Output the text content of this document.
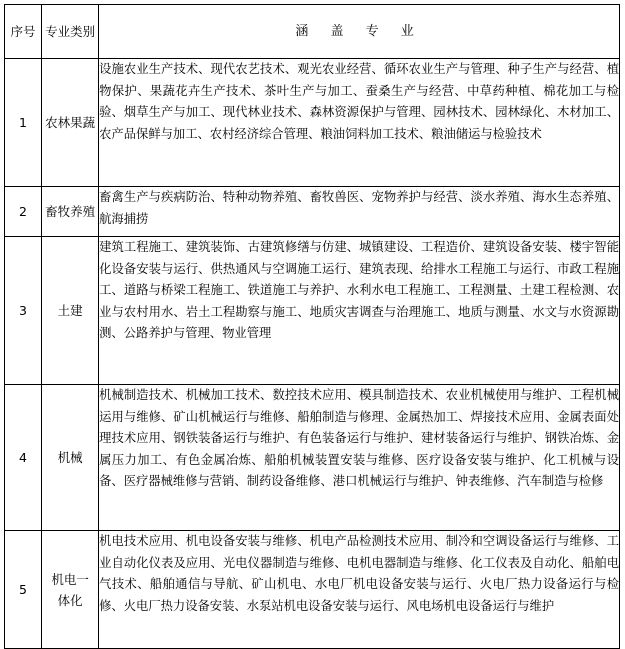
序号	专业类别	涵 盖 专 业
1	农林果蔬	设施农业生产技术、现代农艺技术、观光农业经营、循环农业生产与管理、种子生产与经营、植物保护、果蔬花卉生产技术、茶叶生产与加工、蚕桑生产与经营、中草药种植、棉花加工与检验、烟草生产与加工、现代林业技术、森林资源保护与管理、园林技术、园林绿化、木材加工、农产品保鲜与加工、农村经济综合管理、粮油饲料加工技术、粮油储运与检验技术
2	畜牧养殖	畜禽生产与疾病防治、特种动物养殖、畜牧兽医、宠物养护与经营、淡水养殖、海水生态养殖、航海捕捞
3	土建	建筑工程施工、建筑装饰、古建筑修缮与仿建、城镇建设、工程造价、建筑设备安装、楼宇智能化设备安装与运行、供热通风与空调施工运行、建筑表现、给排水工程施工与运行、市政工程施工、道路与桥梁工程施工、铁道施工与养护、水利水电工程施工、工程测量、土建工程检测、农业与农村用水、岩土工程勘察与施工、地质灾害调查与治理施工、地质与测量、水文与水资源勘测、公路养护与管理、物业管理
4	机械	机械制造技术、机械加工技术、数控技术应用、模具制造技术、农业机械使用与维护、工程机械运用与维修、矿山机械运行与维修、船舶制造与修理、金属热加工、焊接技术应用、金属表面处理技术应用、钢铁装备运行与维护、有色装备运行与维护、建材装备运行与维护、钢铁冶炼、金属压力加工、有色金属冶炼、船舶机械装置安装与维修、医疗设备安装与维护、化工机械与设备、医疗器械维修与营销、制药设备维修、港口机械运行与维护、钟表维修、汽车制造与检修
5	机电一体化	机电技术应用、机电设备安装与维修、机电产品检测技术应用、制冷和空调设备运行与维修、工业自动化仪表及应用、光电仪器制造与维修、电机电器制造与维修、化工仪表及自动化、船舶电气技术、船舶通信与导航、矿山机电、水电厂机电设备安装与运行、火电厂热力设备运行与检修、火电厂热力设备安装、水泵站机电设备安装与运行、风电场机电设备运行与维护
